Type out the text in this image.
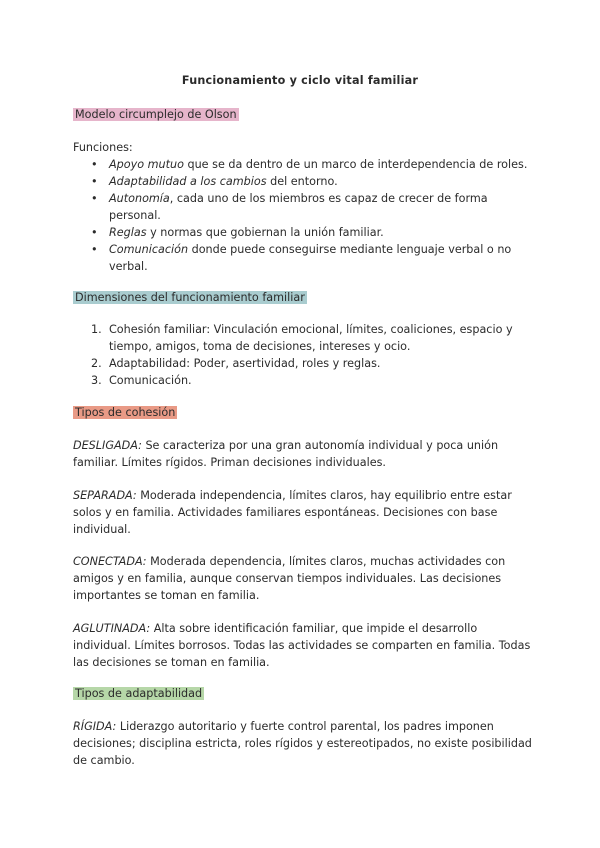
Funcionamiento y ciclo vital familiar
Modelo circumplejo de Olson

Funciones:

• Apoyo mutuo que se da dentro de un marco de interdependencia de roles.
• Adaptabilidad a los cambios del entorno.
• Autonomía, cada uno de los miembros es capaz de crecer de forma personal.
• Reglas y normas que gobiernan la unión familiar.
• Comunicación donde puede conseguirse mediante lenguaje verbal o no verbal.
Dimensiones del funcionamiento familiar
1. Cohesión familiar: Vinculación emocional, límites, coaliciones, espacio y tiempo, amigos, toma de decisiones, intereses y ocio.
2. Adaptabilidad: Poder, asertividad, roles y reglas.
3. Comunicación.
Tipos de cohesión

DESLIGADA: Se caracteriza por una gran autonomía individual y poca unión familiar. Límites rígidos. Priman decisiones individuales.

SEPARADA: Moderada independencia, límites claros, hay equilibrio entre estar solos y en familia. Actividades familiares espontáneas. Decisiones con base individual.

CONECTADA: Moderada dependencia, límites claros, muchas actividades con amigos y en familia, aunque conservan tiempos individuales. Las decisiones importantes se toman en familia.

AGLUTINADA: Alta sobre identificación familiar, que impide el desarrollo individual. Límites borrosos. Todas las actividades se comparten en familia. Todas las decisiones se toman en familia.

Tipos de adaptabilidad

RÍGIDA: Liderazgo autoritario y fuerte control parental, los padres imponen decisiones; disciplina estricta, roles rígidos y estereotipados, no existe posibilidad de cambio.
